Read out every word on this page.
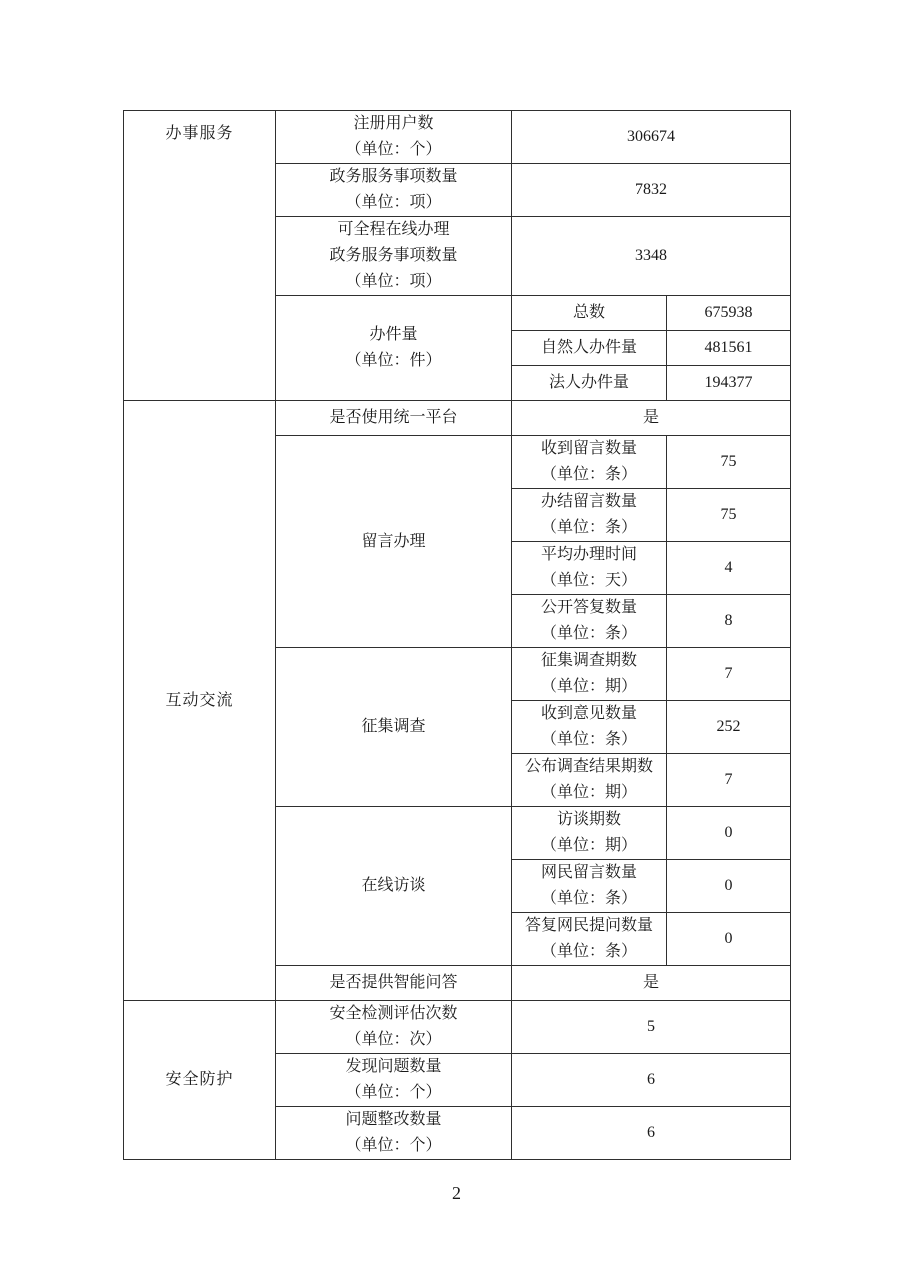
办事服务	注册用户数
（单位：个）	306674	

	政务服务事项数量
（单位：项）	7832	

	可全程在线办理
政务服务事项数量
（单位：项）	3348	

	办件量
（单位：件）	总数	675938
		自然人办件量	481561
		法人办件量	194377

互动交流	是否使用统一平台	是	

	留言办理	收到留言数量
（单位：条）	75

		办结留言数量
（单位：条）	75

		平均办理时间
（单位：天）	4

		公开答复数量
（单位：条）	8

	征集调查	征集调查期数
（单位：期）	7

		收到意见数量
（单位：条）	252

		公布调查结果期数
（单位：期）	7

	在线访谈	访谈期数
（单位：期）	0

		网民留言数量
（单位：条）	0

		答复网民提问数量
（单位：条）	0

	是否提供智能问答	是	

安全防护	安全检测评估次数
（单位：次）	5	

	发现问题数量
（单位：个）	6	

	问题整改数量
（单位：个）	6	
2
